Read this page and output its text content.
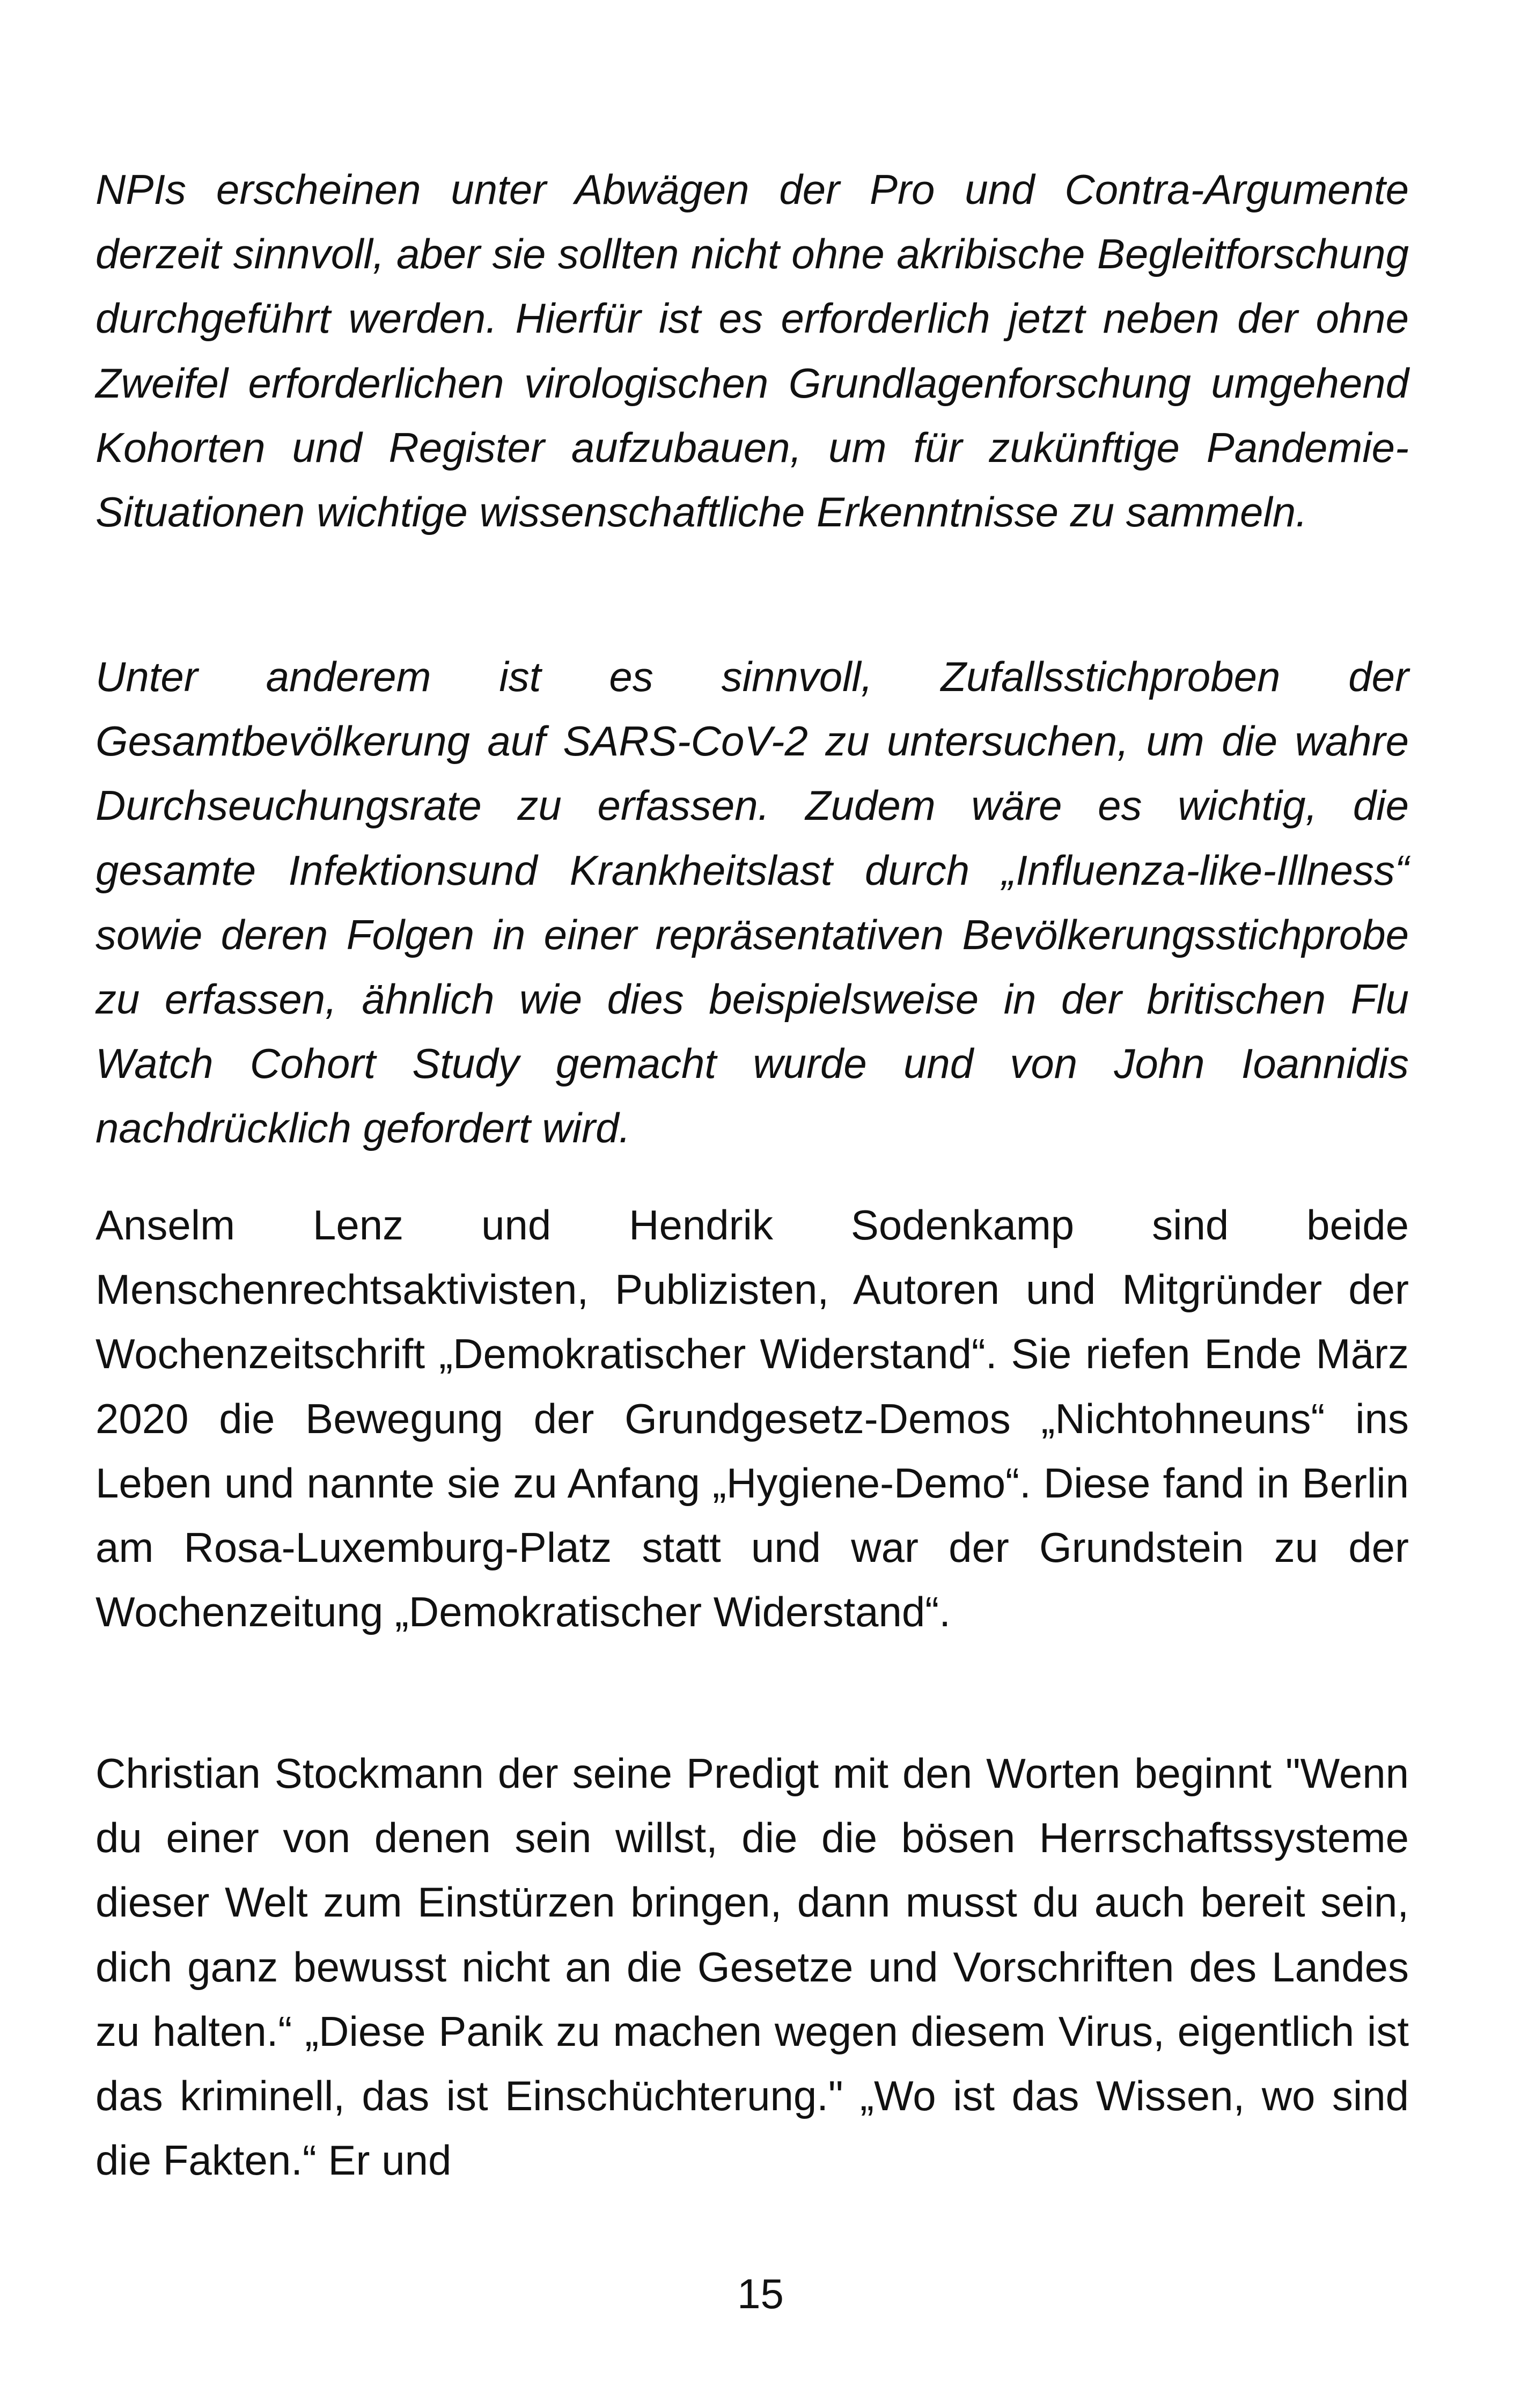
NPIs erscheinen unter Abwägen der Pro und Contra-Argumente derzeit sinnvoll, aber sie sollten nicht ohne akribische Begleitforschung durchgeführt werden. Hierfür ist es erforderlich jetzt neben der ohne Zweifel erforderlichen virologischen Grundlagenforschung umgehend Kohorten und Register aufzubauen, um für zukünftige Pandemie-Situationen wichtige wissenschaftliche Erkenntnisse zu sammeln.

Unter anderem ist es sinnvoll, Zufallsstichproben der Gesamtbevölkerung auf SARS-CoV-2 zu untersuchen, um die wahre Durchseuchungsrate zu erfassen. Zudem wäre es wichtig, die gesamte Infektionsund Krankheitslast durch „Influenza-like-Illness“ sowie deren Folgen in einer repräsentativen Bevölkerungsstichprobe zu erfassen, ähnlich wie dies beispielsweise in der britischen Flu Watch Cohort Study gemacht wurde und von John Ioannidis nachdrücklich gefordert wird.

Anselm Lenz und Hendrik Sodenkamp sind beide Menschenrechtsaktivisten, Publizisten, Autoren und Mitgründer der Wochenzeitschrift „Demokratischer Widerstand“. Sie riefen Ende März 2020 die Bewegung der Grundgesetz-Demos „Nichtohneuns“ ins Leben und nannte sie zu Anfang „Hygiene-Demo“. Diese fand in Berlin am Rosa-Luxemburg-Platz statt und war der Grundstein zu der Wochenzeitung „Demokratischer Widerstand“.

Christian Stockmann der seine Predigt mit den Worten beginnt "Wenn du einer von denen sein willst, die die bösen Herrschaftssysteme dieser Welt zum Einstürzen bringen, dann musst du auch bereit sein, dich ganz bewusst nicht an die Gesetze und Vorschriften des Landes zu halten.“ „Diese Panik zu machen wegen diesem Virus, eigentlich ist das kriminell, das ist Einschüchterung." „Wo ist das Wissen, wo sind die Fakten.“ Er und

15
